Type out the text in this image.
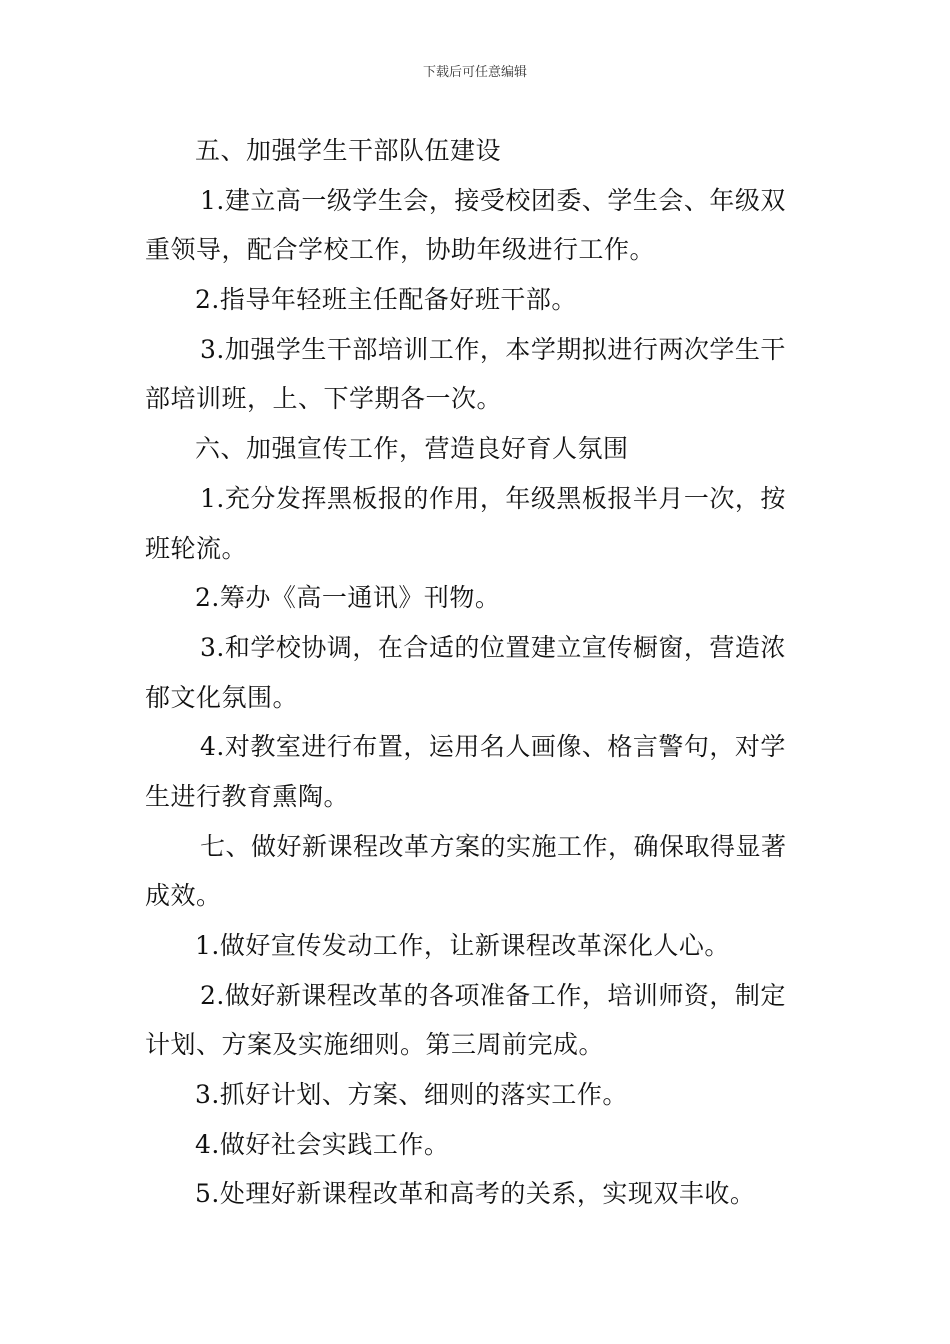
下载后可任意编辑
五、加强学生干部队伍建设
1.建立高一级学生会，接受校团委、学生会、年级双
重领导，配合学校工作，协助年级进行工作。
2.指导年轻班主任配备好班干部。
3.加强学生干部培训工作，本学期拟进行两次学生干
部培训班，上、下学期各一次。
六、加强宣传工作，营造良好育人氛围
1.充分发挥黑板报的作用，年级黑板报半月一次，按
班轮流。
2.筹办《高一通讯》刊物。
3.和学校协调，在合适的位置建立宣传橱窗，营造浓
郁文化氛围。
4.对教室进行布置，运用名人画像、格言警句，对学
生进行教育熏陶。
七、做好新课程改革方案的实施工作，确保取得显著
成效。
1.做好宣传发动工作，让新课程改革深化人心。
2.做好新课程改革的各项准备工作，培训师资，制定
计划、方案及实施细则。第三周前完成。
3.抓好计划、方案、细则的落实工作。
4.做好社会实践工作。
5.处理好新课程改革和高考的关系，实现双丰收。
